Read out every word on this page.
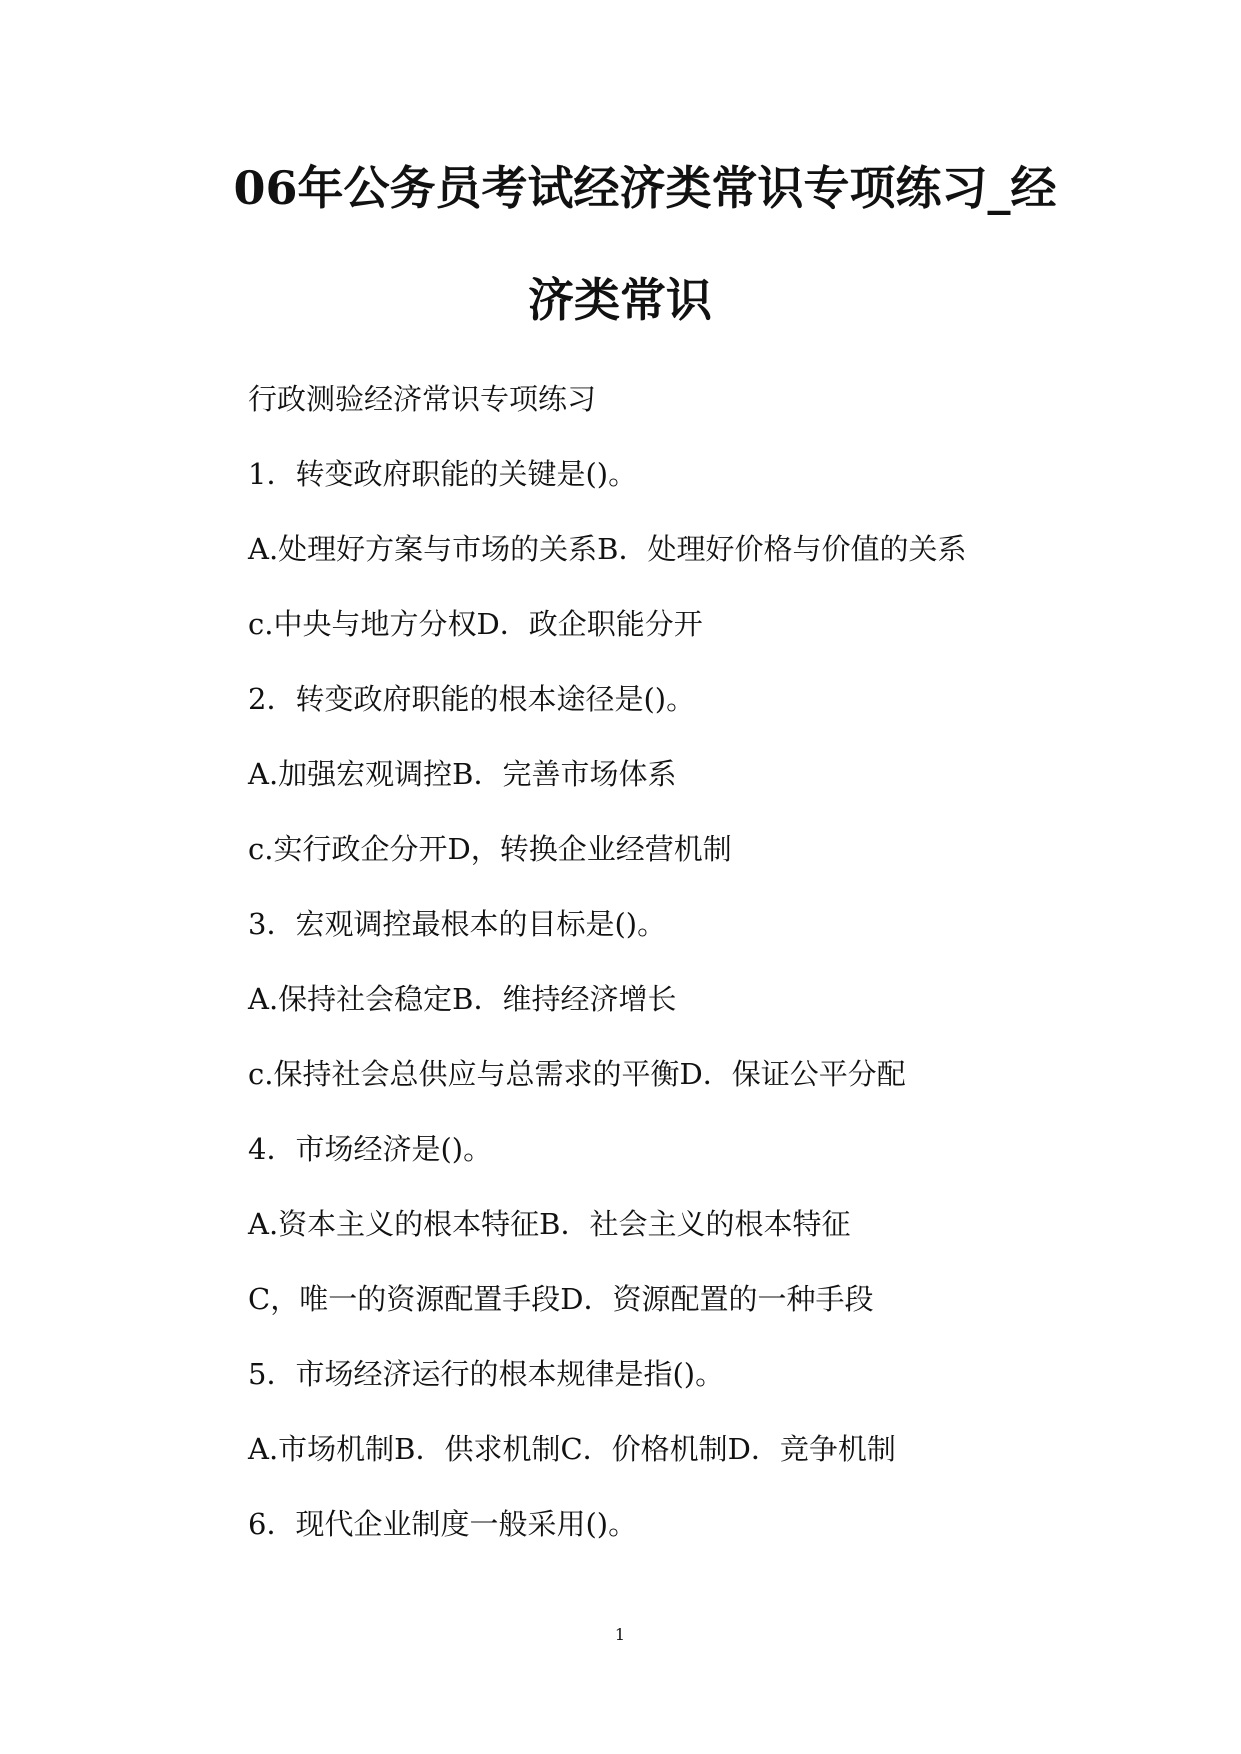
06年公务员考试经济类常识专项练习_经
济类常识

行政测验经济常识专项练习

1．转变政府职能的关键是()。

A.处理好方案与市场的关系B．处理好价格与价值的关系

c.中央与地方分权D．政企职能分开

2．转变政府职能的根本途径是()。

A.加强宏观调控B．完善市场体系

c.实行政企分开D，转换企业经营机制

3．宏观调控最根本的目标是()。

A.保持社会稳定B．维持经济增长

c.保持社会总供应与总需求的平衡D．保证公平分配

4．市场经济是()。

A.资本主义的根本特征B．社会主义的根本特征

C，唯一的资源配置手段D．资源配置的一种手段

5．市场经济运行的根本规律是指()。

A.市场机制B．供求机制C．价格机制D．竞争机制

6．现代企业制度一般采用()。

1
